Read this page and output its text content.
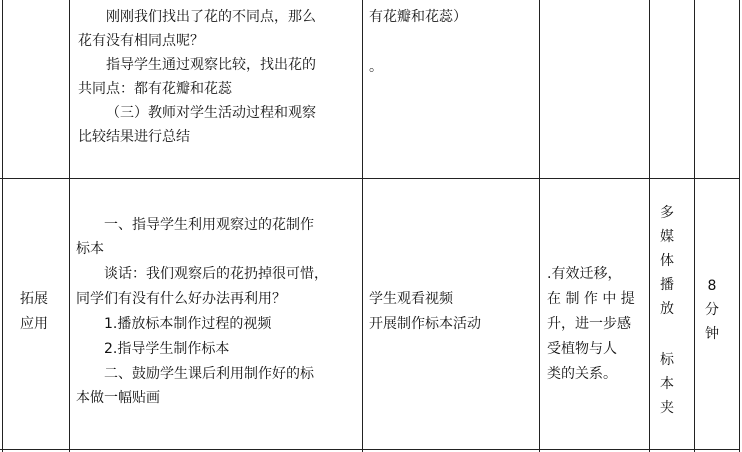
刚刚我们找出了花的不同点，那么
花有没有相同点呢？
指导学生通过观察比较，找出花的
共同点：都有花瓣和花蕊
（三）教师对学生活动过程和观察
比较结果进行总结
有花瓣和花蕊）
。
拓展
应用
一、指导学生利用观察过的花制作
标本
谈话：我们观察后的花扔掉很可惜，
同学们有没有什么好办法再利用？
1.播放标本制作过程的视频
2.指导学生制作标本
二、鼓励学生课后利用制作好的标
本做一幅贴画
学生观看视频
开展制作标本活动
.有效迁移，
在 制 作 中 提
升，进一步感
受植物与人
类的关系。
多媒体播放
标本夹
8分钟
